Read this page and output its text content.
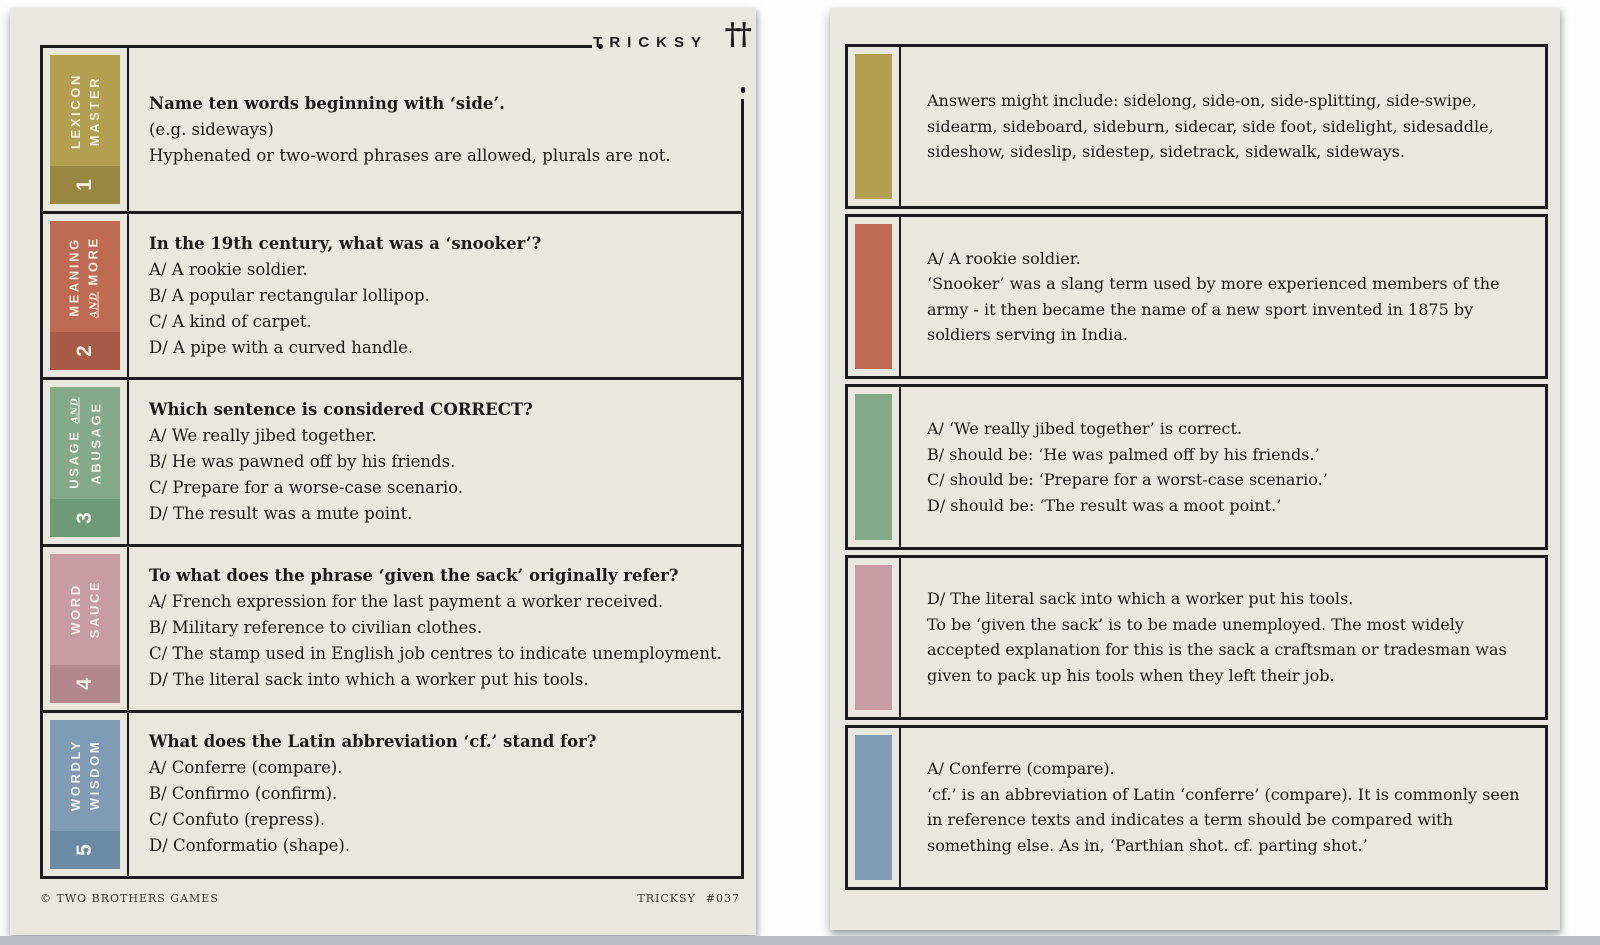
TRICKSY ††
LEXICON MASTER
1
Name ten words beginning with ‘side’.
(e.g. sideways)
Hyphenated or two-word phrases are allowed, plurals are not.
MEANING AND MORE
2
In the 19th century, what was a ‘snooker’?
A/ A rookie soldier.
B/ A popular rectangular lollipop.
C/ A kind of carpet.
D/ A pipe with a curved handle.
USAGE AND ABUSAGE
3
Which sentence is considered CORRECT?
A/ We really jibed together.
B/ He was pawned off by his friends.
C/ Prepare for a worse-case scenario.
D/ The result was a mute point.
WORD SAUCE
4
To what does the phrase ‘given the sack’ originally refer?
A/ French expression for the last payment a worker received.
B/ Military reference to civilian clothes.
C/ The stamp used in English job centres to indicate unemployment.
D/ The literal sack into which a worker put his tools.
WORDLY WISDOM
5
What does the Latin abbreviation ‘cf.’ stand for?
A/ Conferre (compare).
B/ Confirmo (confirm).
C/ Confuto (repress).
D/ Conformatio (shape).
© TWO BROTHERS GAMES	TRICKSY #037
Answers might include: sidelong, side-on, side-splitting, side-swipe, sidearm, sideboard, sideburn, sidecar, side foot, sidelight, sidesaddle, sideshow, sideslip, sidestep, sidetrack, sidewalk, sideways.
A/ A rookie soldier.
‘Snooker’ was a slang term used by more experienced members of the army - it then became the name of a new sport invented in 1875 by soldiers serving in India.
A/ ‘We really jibed together’ is correct.
B/ should be: ‘He was palmed off by his friends.’
C/ should be: ‘Prepare for a worst-case scenario.’
D/ should be: ‘The result was a moot point.’
D/ The literal sack into which a worker put his tools.
To be ‘given the sack’ is to be made unemployed. The most widely accepted explanation for this is the sack a craftsman or tradesman was given to pack up his tools when they left their job.
A/ Conferre (compare).
‘cf.’ is an abbreviation of Latin ‘conferre’ (compare). It is commonly seen in reference texts and indicates a term should be compared with something else. As in, ‘Parthian shot. cf. parting shot.’
